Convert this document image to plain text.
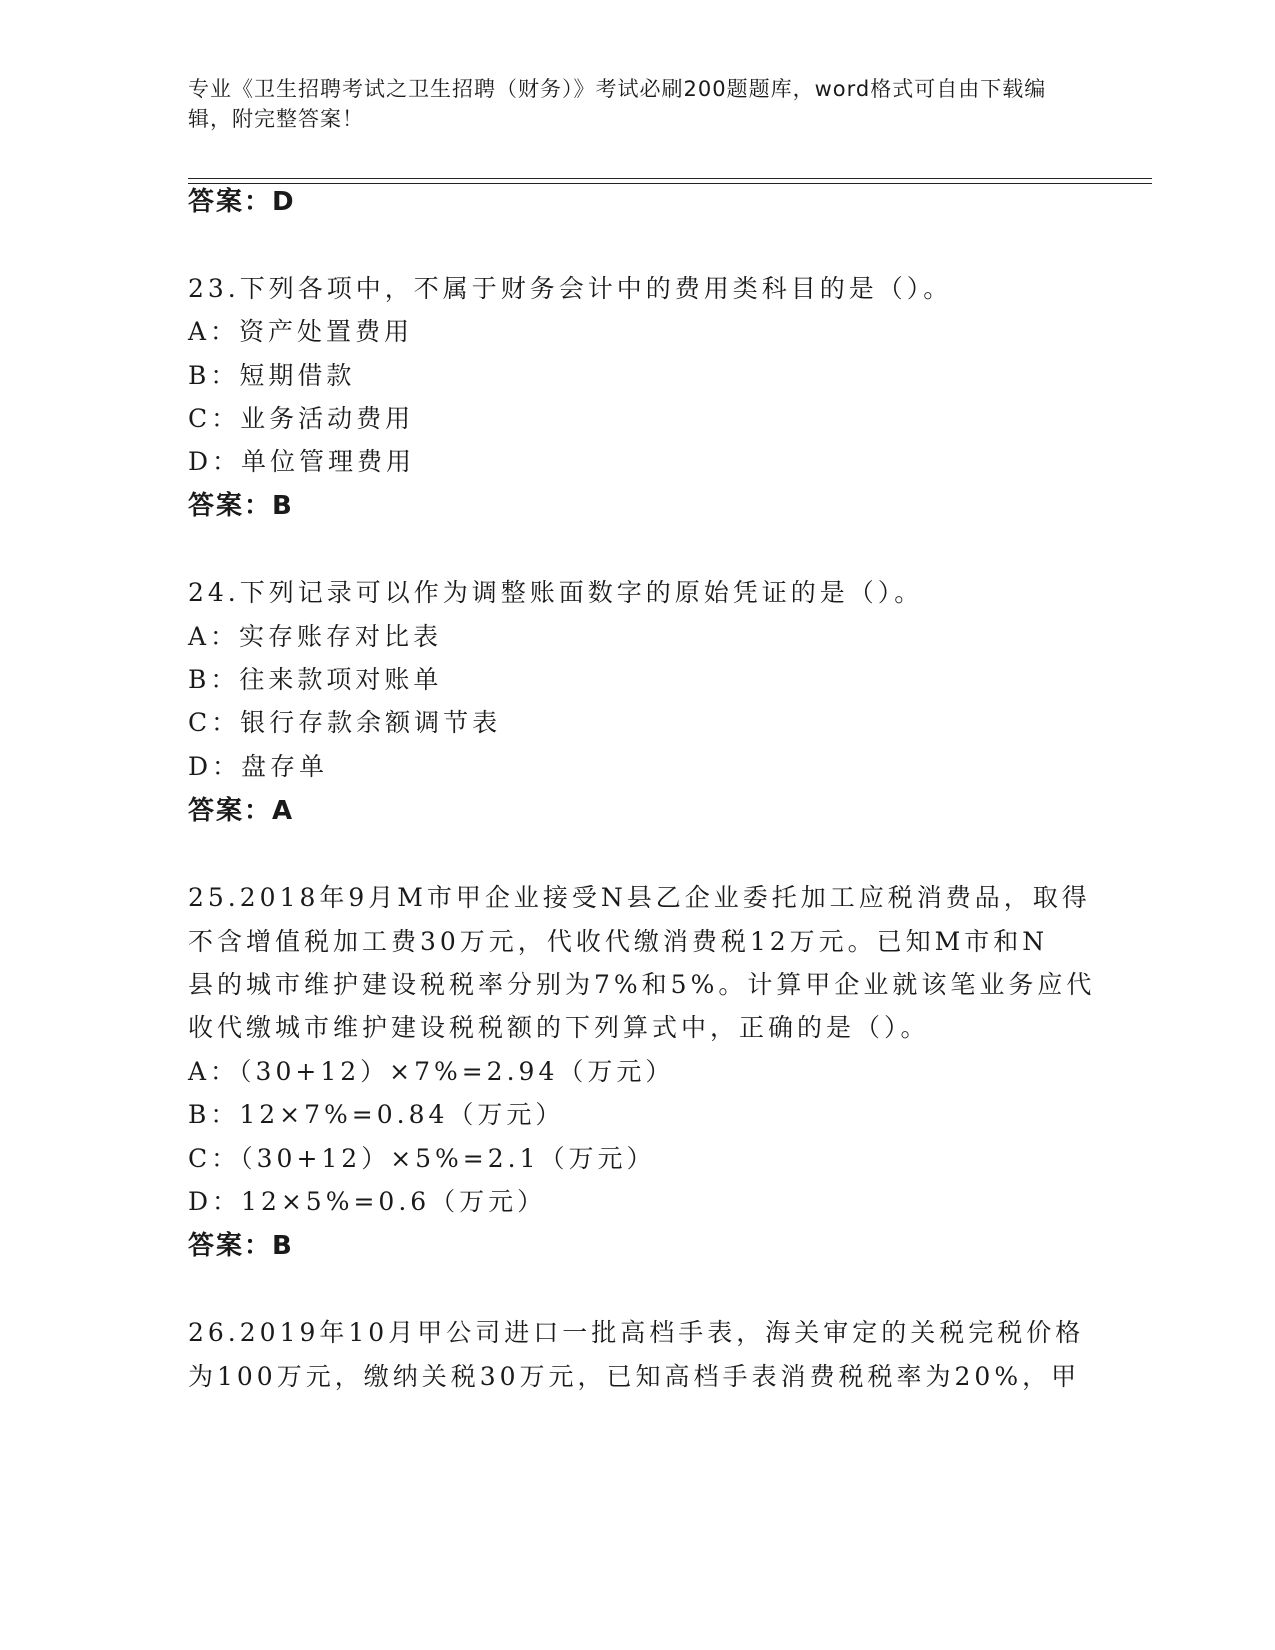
专业《卫生招聘考试之卫生招聘（财务）》考试必刷200题题库，word格式可自由下载编辑，附完整答案！
答案：D
23.下列各项中，不属于财务会计中的费用类科目的是（）。
A：资产处置费用
B：短期借款
C：业务活动费用
D：单位管理费用
答案：B
24.下列记录可以作为调整账面数字的原始凭证的是（）。
A：实存账存对比表
B：往来款项对账单
C：银行存款余额调节表
D：盘存单
答案：A
25.2018年9月M市甲企业接受N县乙企业委托加工应税消费品，取得
不含增值税加工费30万元，代收代缴消费税12万元。已知M市和N
县的城市维护建设税税率分别为7%和5%。计算甲企业就该笔业务应代
收代缴城市维护建设税税额的下列算式中，正确的是（）。
A：（30+12）×7%=2.94（万元）
B：12×7%=0.84（万元）
C：（30+12）×5%=2.1（万元）
D：12×5%=0.6（万元）
答案：B
26.2019年10月甲公司进口一批高档手表，海关审定的关税完税价格
为100万元，缴纳关税30万元，已知高档手表消费税税率为20%，甲
